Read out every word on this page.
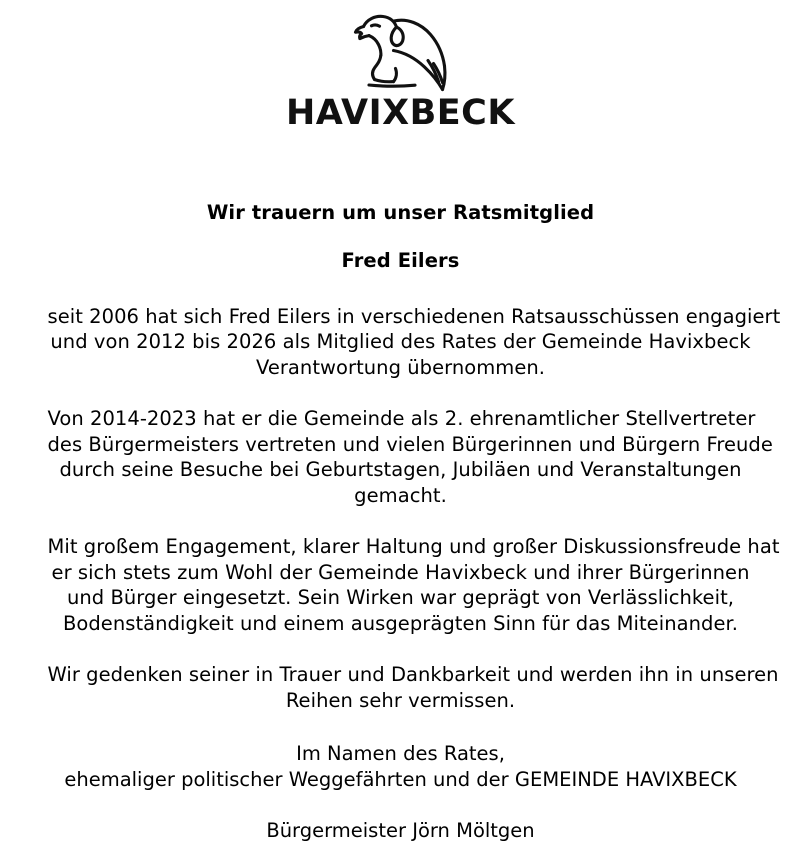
HAVIXBECK
Wir trauern um unser Ratsmitglied
Fred Eilers

seit 2006 hat sich Fred Eilers in verschiedenen Ratsausschüssen engagiert
und von 2012 bis 2026 als Mitglied des Rates der Gemeinde Havixbeck
Verantwortung übernommen.

Von 2014-2023 hat er die Gemeinde als 2. ehrenamtlicher Stellvertreter
des Bürgermeisters vertreten und vielen Bürgerinnen und Bürgern Freude
durch seine Besuche bei Geburtstagen, Jubiläen und Veranstaltungen
gemacht.

Mit großem Engagement, klarer Haltung und großer Diskussionsfreude hat
er sich stets zum Wohl der Gemeinde Havixbeck und ihrer Bürgerinnen
und Bürger eingesetzt. Sein Wirken war geprägt von Verlässlichkeit,
Bodenständigkeit und einem ausgeprägten Sinn für das Miteinander.

Wir gedenken seiner in Trauer und Dankbarkeit und werden ihn in unseren
Reihen sehr vermissen.

Im Namen des Rates,
ehemaliger politischer Weggefährten und der GEMEINDE HAVIXBECK

Bürgermeister Jörn Möltgen
